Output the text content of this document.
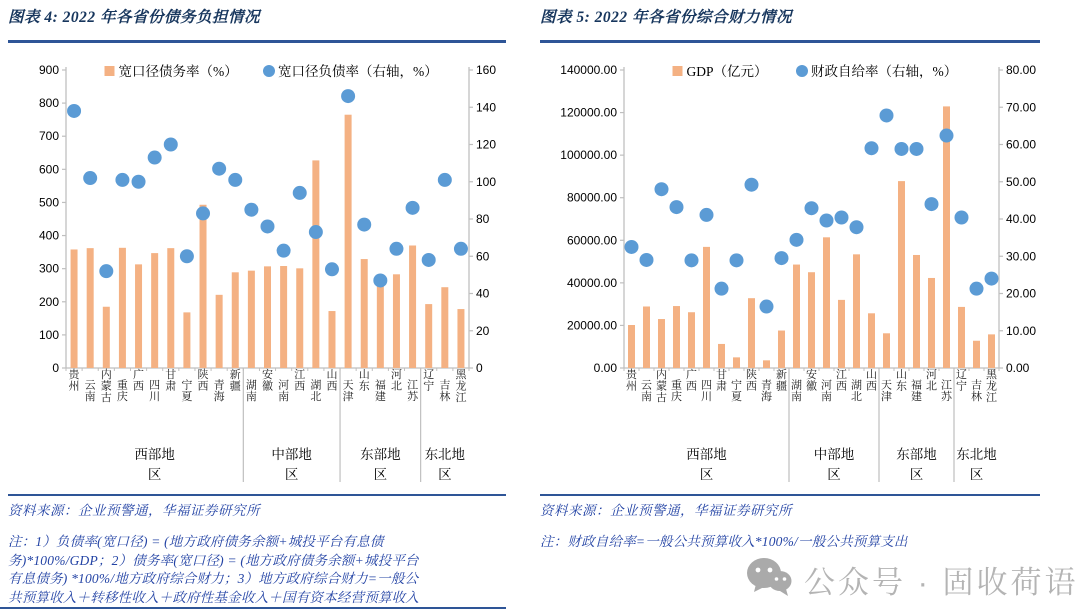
图表 4: 2022 年各省份债务负担情况
0
100
200
300
400
500
600
700
800
900
0
20
40
60
80
100
120
140
160
贵州 云南
内蒙古
重庆
广西 四川
甘肃 宁夏
陕西 青海
新疆 湖南
安徽 河南
江西 湖北
山西 天津
山东 福建
河北 江苏
辽宁 吉林
黑龙江
西部地区
中部地区
东部地区
东北地区
宽口径债务率（%）	宽口径负债率（右轴，%）

资料来源：企业预警通，华福证券研究所

注：1）负债率(宽口径) = (地方政府债务余额+城投平台有息债
务)*100%/GDP；2）债务率(宽口径) = (地方政府债务余额+城投平台
有息债务) *100%/地方政府综合财力；3）地方政府综合财力=一般公
共预算收入＋转移性收入＋政府性基金收入＋国有资本经营预算收入

图表 5: 2022 年各省份综合财力情况
0.00
20000.00
40000.00
60000.00
80000.00
100000.00
120000.00
140000.00
0.00
10.00
20.00
30.00
40.00
50.00
60.00
70.00
80.00
贵州 云南
内蒙古
重庆
广西 四川
甘肃 宁夏
陕西 青海
新疆 湖南
安徽 河南
江西 湖北
山西 天津
山东 福建
河北 江苏
辽宁 吉林
黑龙江
西部地区
中部地区
东部地区
东北地区
GDP（亿元）	财政自给率（右轴，%）

资料来源：企业预警通，华福证券研究所

注：财政自给率=一般公共预算收入*100%/一般公共预算支出

公众号 · 固收荷语
